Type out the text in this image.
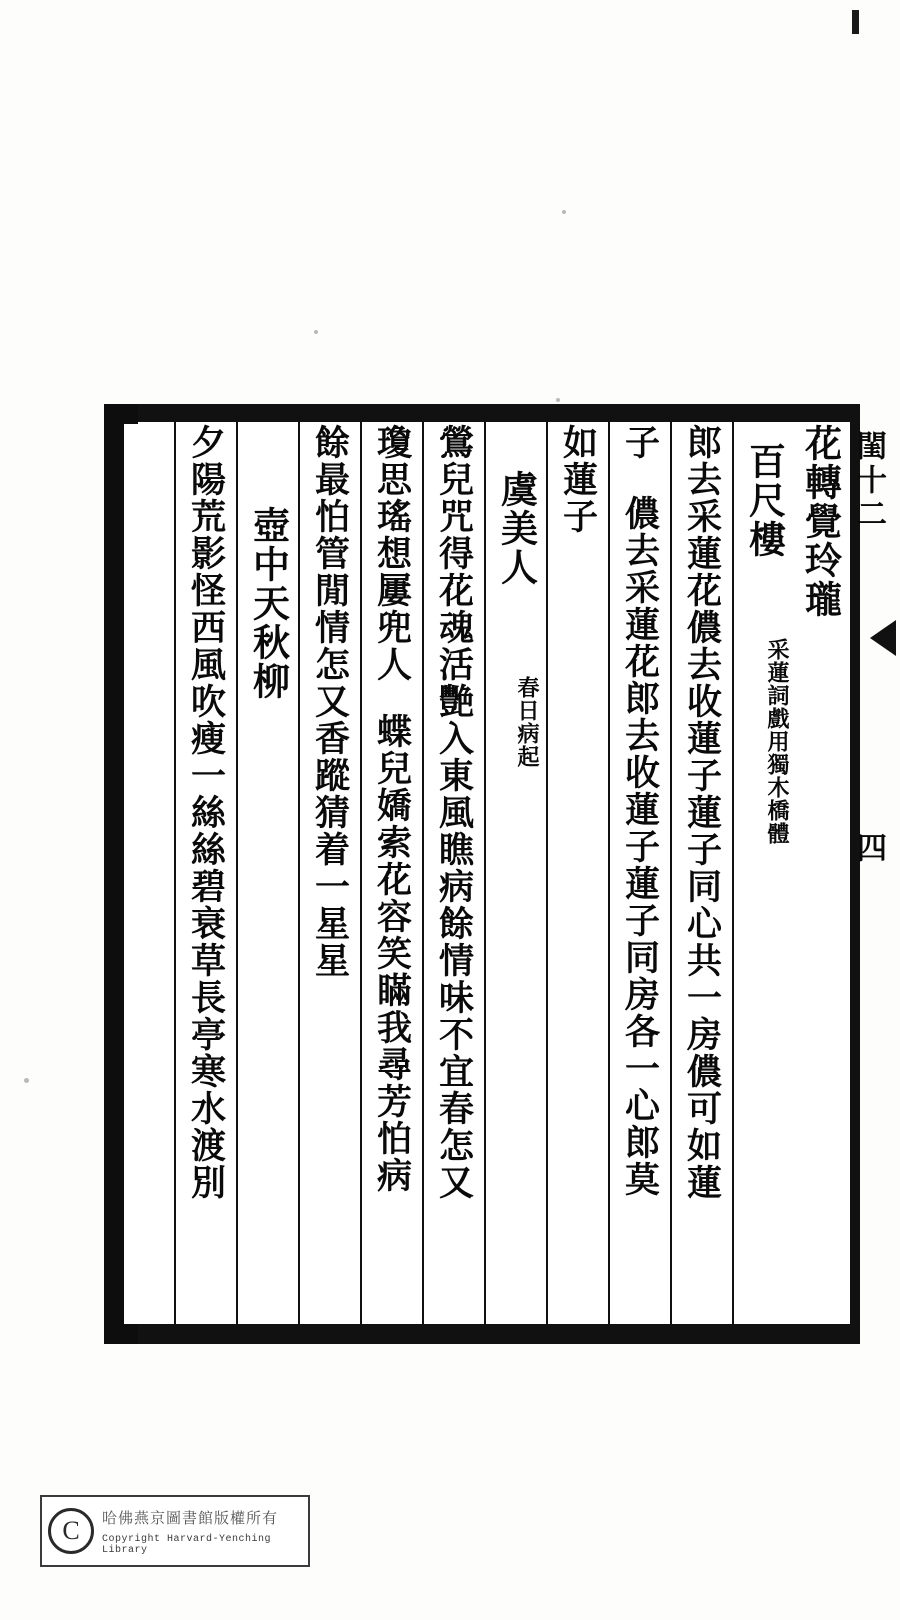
閨十二
四
花轉覺玲瓏
百尺樓
采蓮詞戲用獨木橋體
郎去采蓮花儂去收蓮子蓮子同心共一房儂可如蓮
子
儂去采蓮花郎去收蓮子蓮子同房各一心郎莫
如蓮子
虞美人
春日病起
鶯兒咒得花魂活艷入東風瞧病餘情味不宜春怎又
瓊思瑤想屢兜人
蝶兒嬌索花容笑瞞我尋芳怕病
餘最怕管閒情怎又香蹤猜着一星星
壺中天秋柳
夕陽荒影怪西風吹瘦一絲絲碧衰草長亭寒水渡別
C	哈佛燕京圖書館版權所有
Copyright Harvard-Yenching Library
